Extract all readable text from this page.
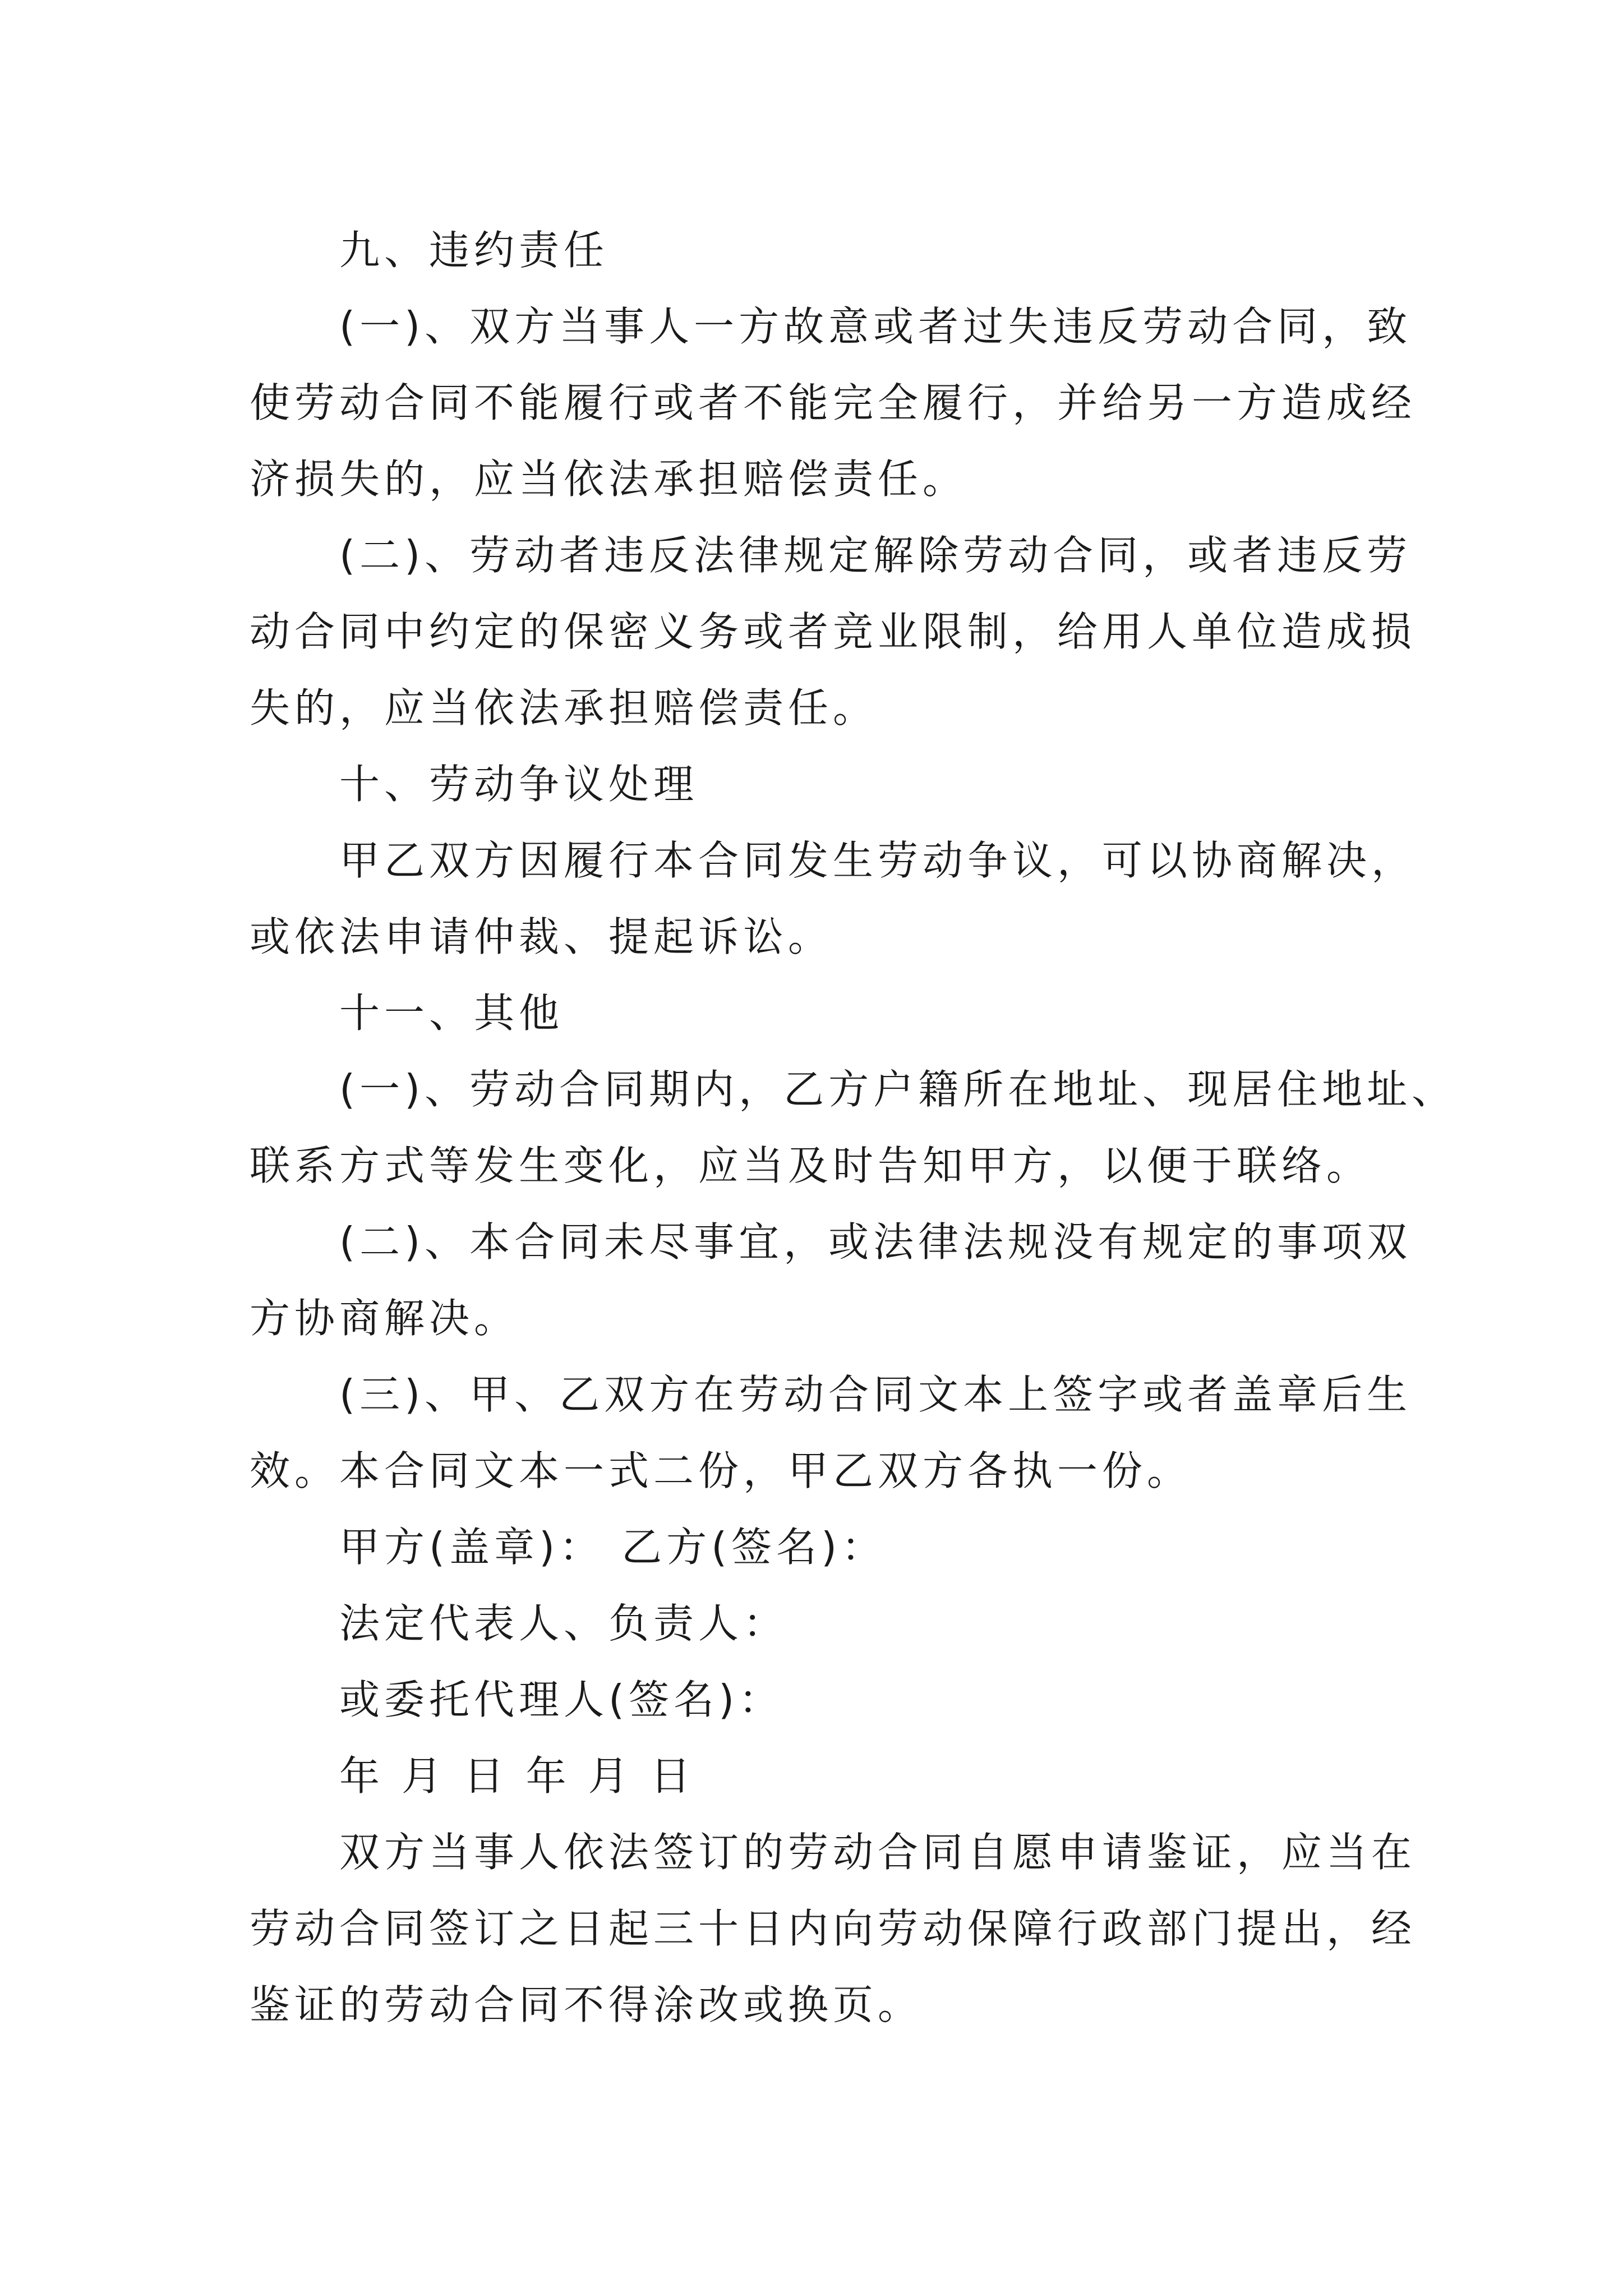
九、违约责任
(一)、双方当事人一方故意或者过失违反劳动合同，致
使劳动合同不能履行或者不能完全履行，并给另一方造成经
济损失的，应当依法承担赔偿责任。
(二)、劳动者违反法律规定解除劳动合同，或者违反劳
动合同中约定的保密义务或者竞业限制，给用人单位造成损
失的，应当依法承担赔偿责任。
十、劳动争议处理
甲乙双方因履行本合同发生劳动争议，可以协商解决，
或依法申请仲裁、提起诉讼。
十一、其他
(一)、劳动合同期内，乙方户籍所在地址、现居住地址、
联系方式等发生变化，应当及时告知甲方，以便于联络。
(二)、本合同未尽事宜，或法律法规没有规定的事项双
方协商解决。
(三)、甲、乙双方在劳动合同文本上签字或者盖章后生
效。本合同文本一式二份，甲乙双方各执一份。
甲方(盖章)： 乙方(签名)：
法定代表人、负责人：
或委托代理人(签名)：
年 月 日 年 月 日
双方当事人依法签订的劳动合同自愿申请鉴证，应当在
劳动合同签订之日起三十日内向劳动保障行政部门提出，经
鉴证的劳动合同不得涂改或换页。
